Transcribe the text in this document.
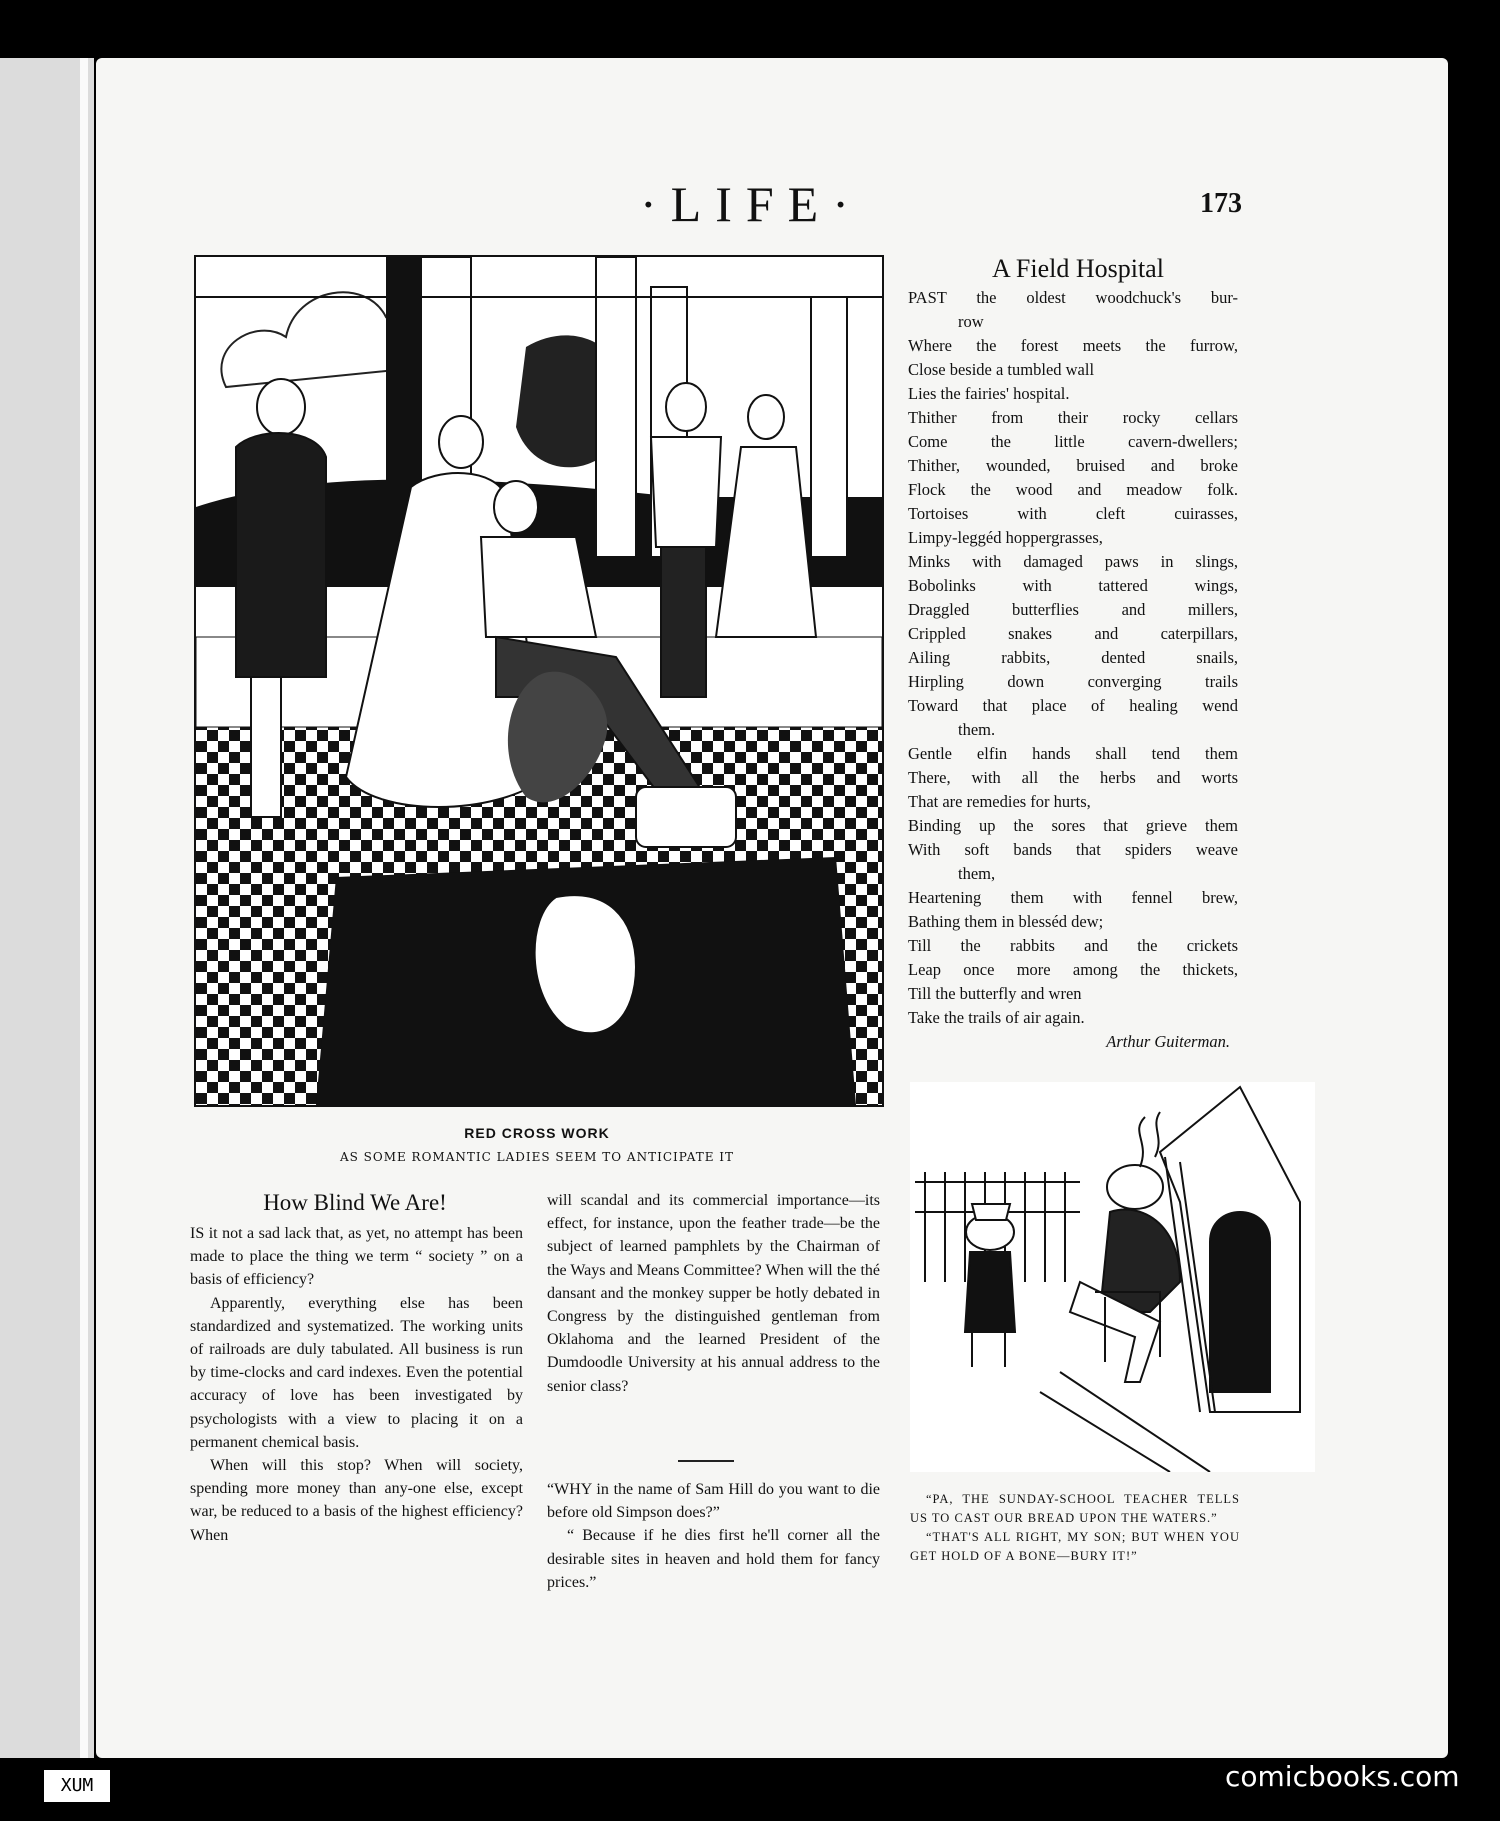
·LIFE·	173
RED CROSS WORK
AS SOME ROMANTIC LADIES SEEM TO ANTICIPATE IT
A Field Hospital
PAST the oldest woodchuck's bur-
row
Where the forest meets the furrow,
Close beside a tumbled wall
Lies the fairies' hospital.
Thither from their rocky cellars
Come the little cavern-dwellers;
Thither, wounded, bruised and broke
Flock the wood and meadow folk.
Tortoises with cleft cuirasses,
Limpy-leggéd hoppergrasses,
Minks with damaged paws in slings,
Bobolinks with tattered wings,
Draggled butterflies and millers,
Crippled snakes and caterpillars,
Ailing rabbits, dented snails,
Hirpling down converging trails
Toward that place of healing wend
them.
Gentle elfin hands shall tend them
There, with all the herbs and worts
That are remedies for hurts,
Binding up the sores that grieve them
With soft bands that spiders weave
them,
Heartening them with fennel brew,
Bathing them in blesséd dew;
Till the rabbits and the crickets
Leap once more among the thickets,
Till the butterfly and wren
Take the trails of air again.
Arthur Guiterman.
How Blind We Are!

IS it not a sad lack that, as yet, no attempt has been made to place the thing we term “ society ” on a basis of efficiency?

Apparently, everything else has been standardized and systematized. The working units of railroads are duly tabulated. All business is run by time-clocks and card indexes. Even the potential accuracy of love has been investigated by psychologists with a view to placing it on a permanent chemical basis.

When will this stop? When will society, spending more money than any-one else, except war, be reduced to a basis of the highest efficiency? When

will scandal and its commercial importance—its effect, for instance, upon the feather trade—be the subject of learned pamphlets by the Chairman of the Ways and Means Committee? When will the thé dansant and the monkey supper be hotly debated in Congress by the distinguished gentleman from Oklahoma and the learned President of the Dumdoodle University at his annual address to the senior class?

“WHY in the name of Sam Hill do you want to die before old Simpson does?”

“ Because if he dies first he'll corner all the desirable sites in heaven and hold them for fancy prices.”

“PA, THE SUNDAY-SCHOOL TEACHER TELLS US TO CAST OUR BREAD UPON THE WATERS.”

“THAT'S ALL RIGHT, MY SON; BUT WHEN YOU GET HOLD OF A BONE—BURY IT!”

XUM	comicbooks.com
